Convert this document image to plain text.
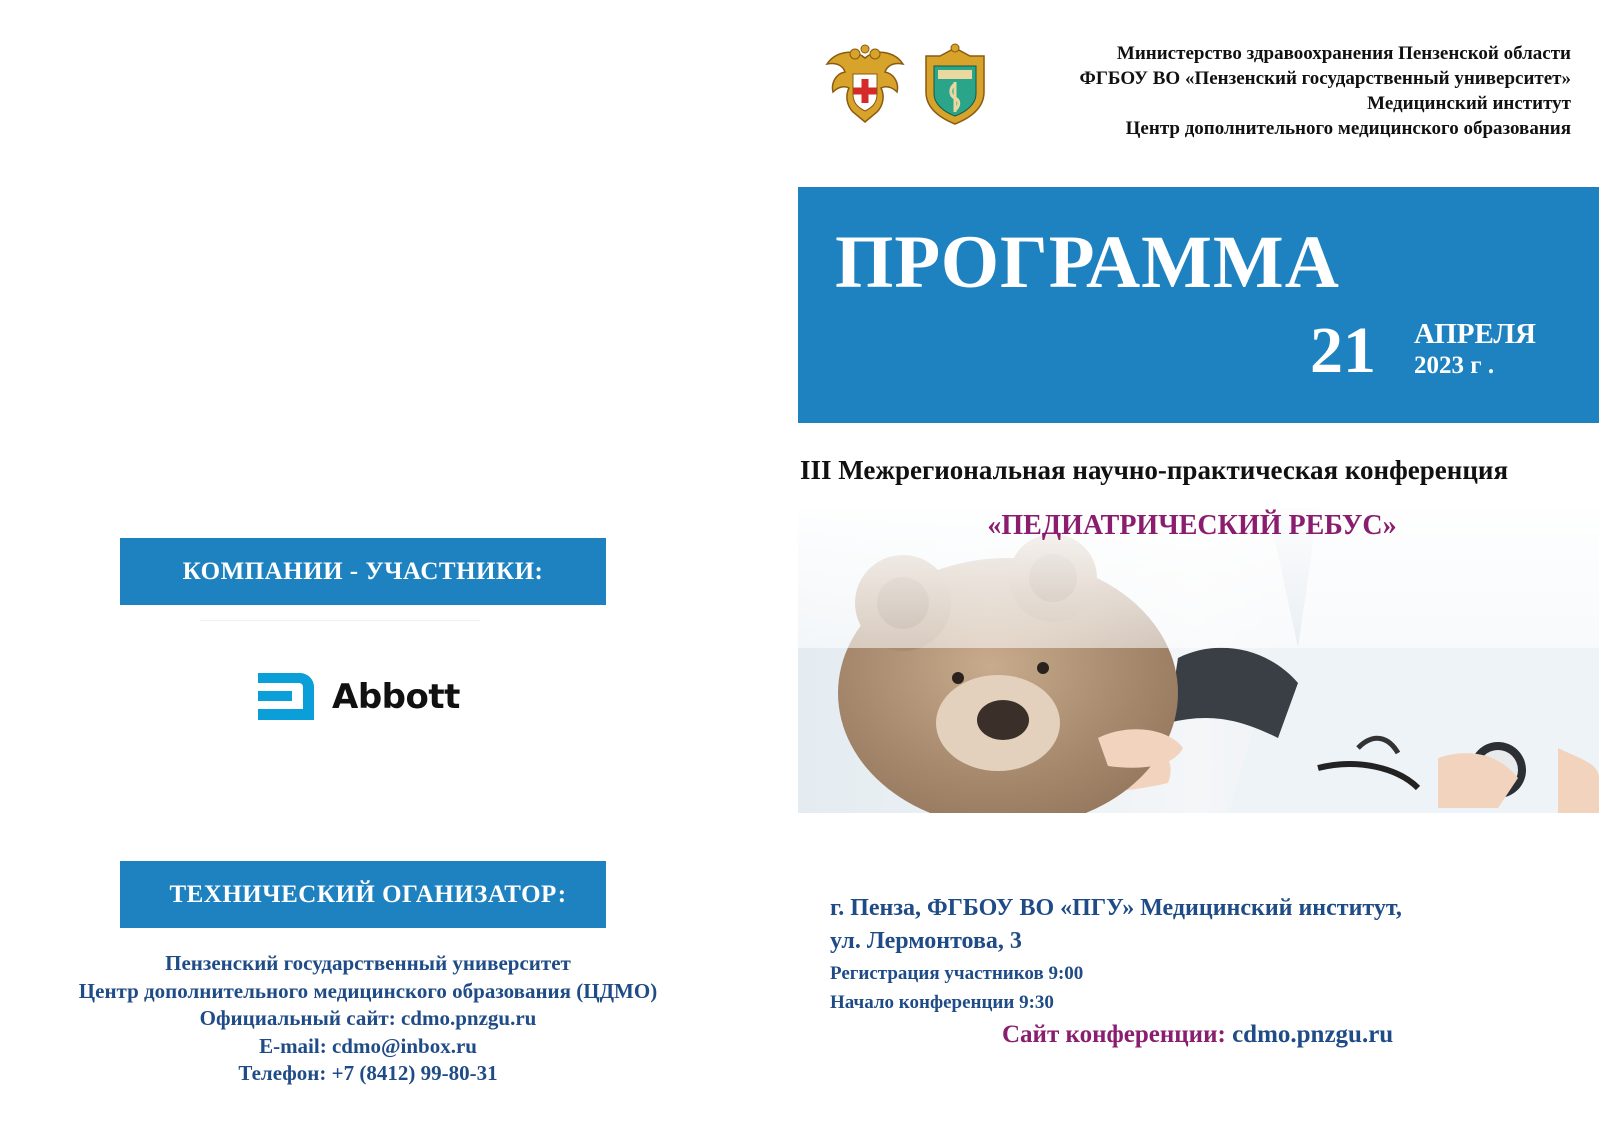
КОМПАНИИ - УЧАСТНИКИ:
Abbott
ТЕХНИЧЕСКИЙ ОГАНИЗАТОР:
Пензенский государственный университет
Центр дополнительного медицинского образования (ЦДМО)
Официальный сайт: cdmo.pnzgu.ru
E-mail: cdmo@inbox.ru
Телефон: +7 (8412) 99-80-31
Министерство здравоохранения Пензенской области
ФГБОУ ВО «Пензенский государственный университет»
Медицинский институт
Центр дополнительного медицинского образования
ПРОГРАММА
21 АПРЕЛЯ
2023 г .
III Межрегиональная научно-практическая конференция
«ПЕДИАТРИЧЕСКИЙ РЕБУС»
г. Пенза, ФГБОУ ВО «ПГУ» Медицинский институт,
ул. Лермонтова, 3
Регистрация участников 9:00
Начало конференции 9:30
Сайт конференции: cdmo.pnzgu.ru
